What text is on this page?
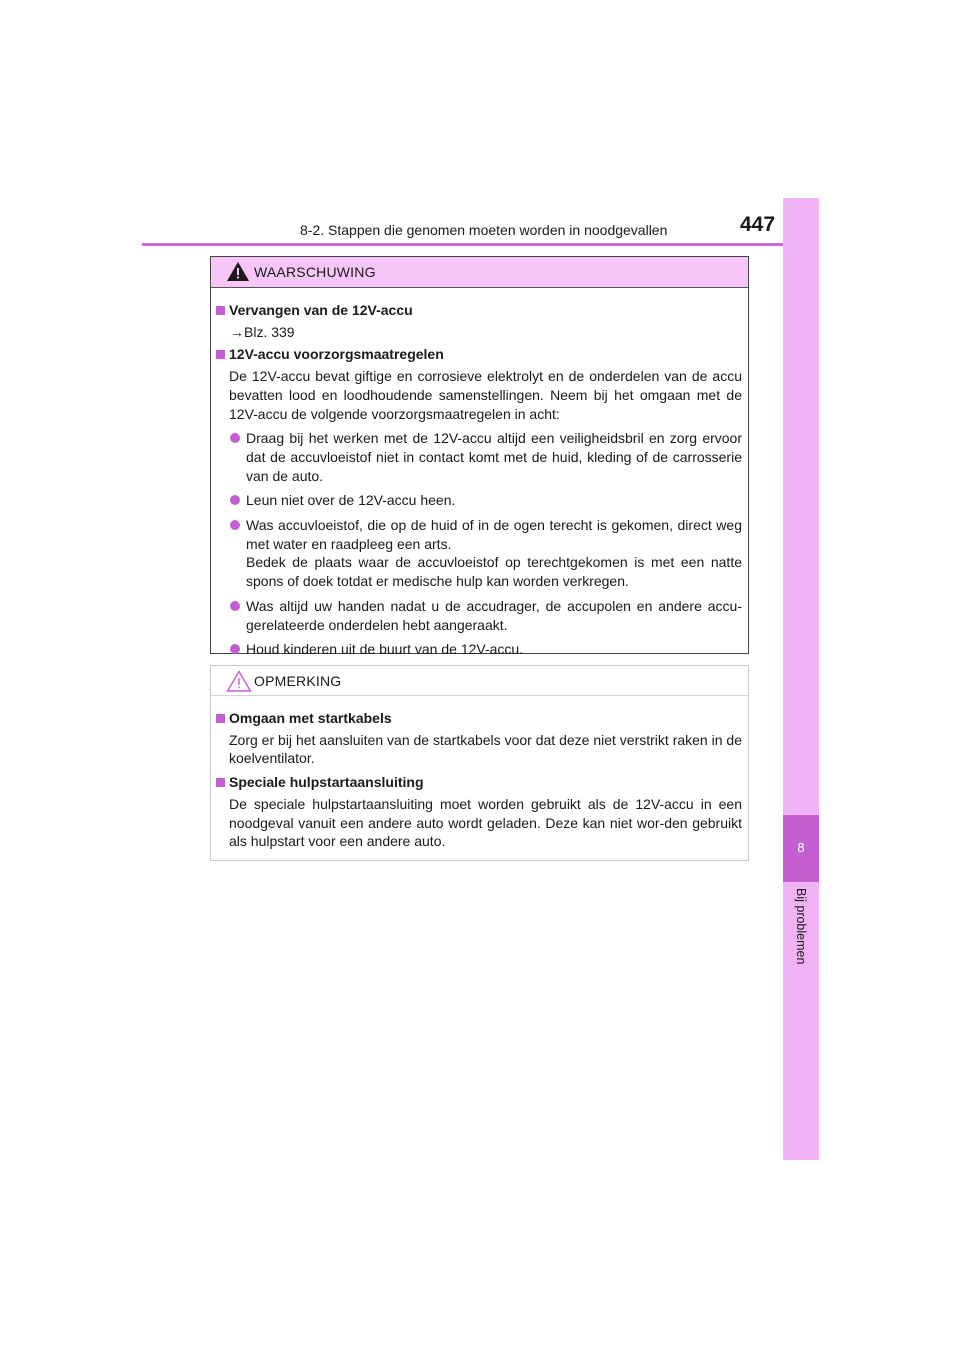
8-2. Stappen die genomen moeten worden in noodgevallen	447
8
Bij problemen
WAARSCHUWING
Vervangen van de 12V-accu
→Blz. 339
12V-accu voorzorgsmaatregelen
De 12V-accu bevat giftige en corrosieve elektrolyt en de onderdelen van de accu bevatten lood en loodhoudende samenstellingen. Neem bij het omgaan met de 12V-accu de volgende voorzorgsmaatregelen in acht:
Draag bij het werken met de 12V-accu altijd een veiligheidsbril en zorg ervoor dat de accuvloeistof niet in contact komt met de huid, kleding of de carrosserie van de auto.
Leun niet over de 12V-accu heen.
Was accuvloeistof, die op de huid of in de ogen terecht is gekomen, direct weg met water en raadpleeg een arts.
Bedek de plaats waar de accuvloeistof op terechtgekomen is met een natte spons of doek totdat er medische hulp kan worden verkregen.
Was altijd uw handen nadat u de accudrager, de accupolen en andere accu-gerelateerde onderdelen hebt aangeraakt.
Houd kinderen uit de buurt van de 12V-accu.
OPMERKING
Omgaan met startkabels
Zorg er bij het aansluiten van de startkabels voor dat deze niet verstrikt raken in de koelventilator.
Speciale hulpstartaansluiting
De speciale hulpstartaansluiting moet worden gebruikt als de 12V-accu in een noodgeval vanuit een andere auto wordt geladen. Deze kan niet wor-den gebruikt als hulpstart voor een andere auto.
